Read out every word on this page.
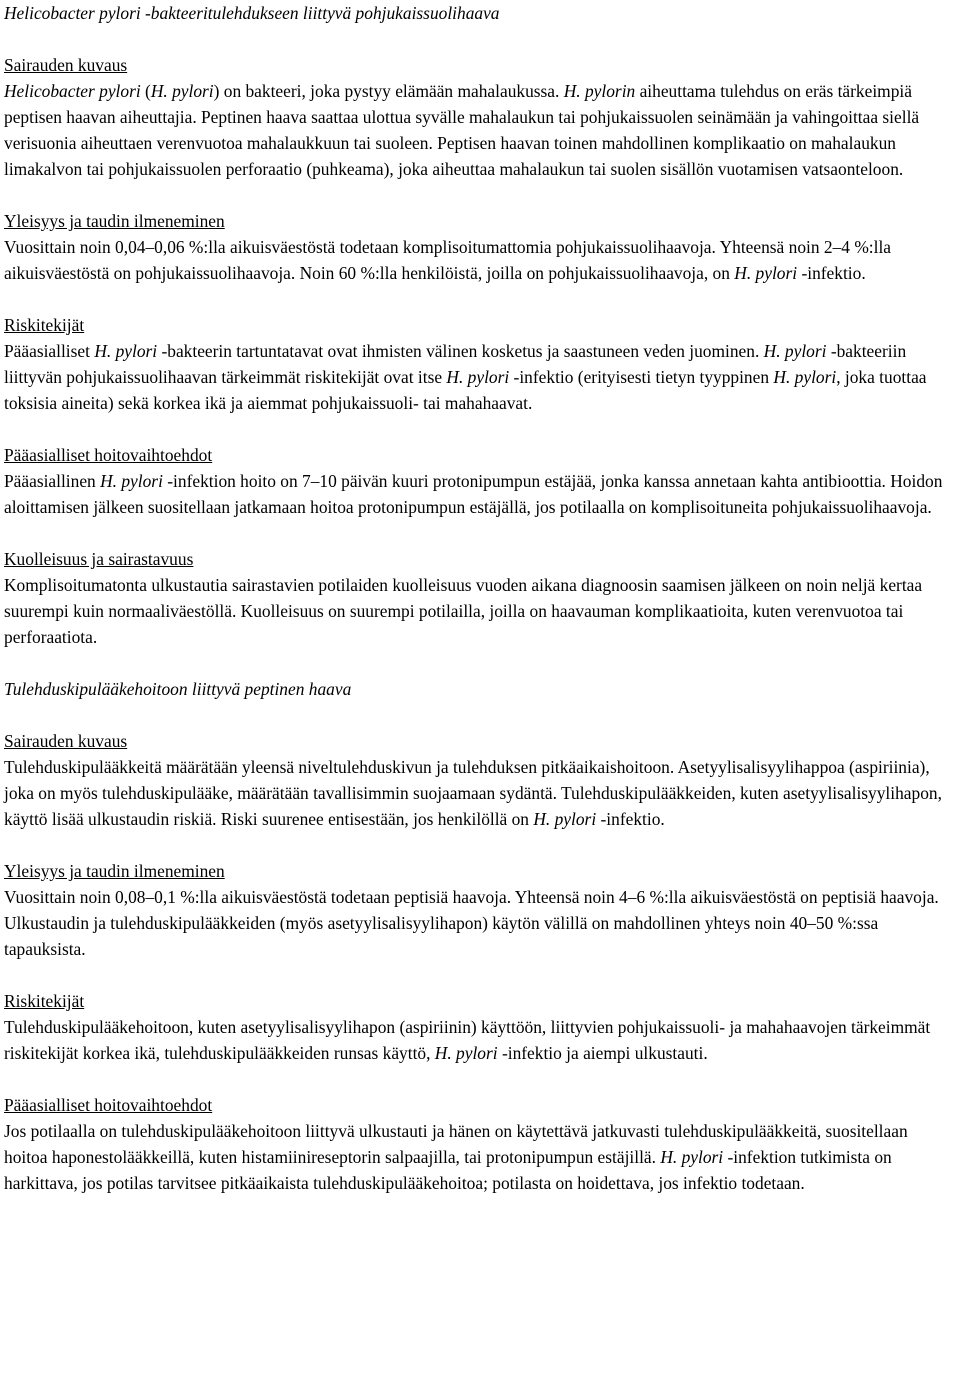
Helicobacter pylori -bakteeritulehdukseen liittyvä pohjukaissuolihaava
Sairauden kuvaus

Helicobacter pylori (H. pylori) on bakteeri, joka pystyy elämään mahalaukussa. H. pylorin aiheuttama tulehdus on eräs tärkeimpiä peptisen haavan aiheuttajia. Peptinen haava saattaa ulottua syvälle mahalaukun tai pohjukaissuolen seinämään ja vahingoittaa siellä verisuonia aiheuttaen verenvuotoa mahalaukkuun tai suoleen. Peptisen haavan toinen mahdollinen komplikaatio on mahalaukun limakalvon tai pohjukaissuolen perforaatio (puhkeama), joka aiheuttaa mahalaukun tai suolen sisällön vuotamisen vatsaonteloon.

Yleisyys ja taudin ilmeneminen

Vuosittain noin 0,04–0,06 %:lla aikuisväestöstä todetaan komplisoitumattomia pohjukaissuolihaavoja. Yhteensä noin 2–4 %:lla aikuisväestöstä on pohjukaissuolihaavoja. Noin 60 %:lla henkilöistä, joilla on pohjukaissuolihaavoja, on H. pylori -infektio.

Riskitekijät

Pääasialliset H. pylori -bakteerin tartuntatavat ovat ihmisten välinen kosketus ja saastuneen veden juominen. H. pylori -bakteeriin liittyvän pohjukaissuolihaavan tärkeimmät riskitekijät ovat itse H. pylori -infektio (erityisesti tietyn tyyppinen H. pylori, joka tuottaa toksisia aineita) sekä korkea ikä ja aiemmat pohjukaissuoli- tai mahahaavat.

Pääasialliset hoitovaihtoehdot

Pääasiallinen H. pylori -infektion hoito on 7–10 päivän kuuri protonipumpun estäjää, jonka kanssa annetaan kahta antibioottia. Hoidon aloittamisen jälkeen suositellaan jatkamaan hoitoa protonipumpun estäjällä, jos potilaalla on komplisoituneita pohjukaissuolihaavoja.

Kuolleisuus ja sairastavuus

Komplisoitumatonta ulkustautia sairastavien potilaiden kuolleisuus vuoden aikana diagnoosin saamisen jälkeen on noin neljä kertaa suurempi kuin normaaliväestöllä. Kuolleisuus on suurempi potilailla, joilla on haavauman komplikaatioita, kuten verenvuotoa tai perforaatiota.

Tulehduskipulääkehoitoon liittyvä peptinen haava
Sairauden kuvaus

Tulehduskipulääkkeitä määrätään yleensä niveltulehduskivun ja tulehduksen pitkäaikaishoitoon. Asetyylisalisyylihappoa (aspiriinia), joka on myös tulehduskipulääke, määrätään tavallisimmin suojaamaan sydäntä. Tulehduskipulääkkeiden, kuten asetyylisalisyylihapon, käyttö lisää ulkustaudin riskiä. Riski suurenee entisestään, jos henkilöllä on H. pylori -infektio.

Yleisyys ja taudin ilmeneminen

Vuosittain noin 0,08–0,1 %:lla aikuisväestöstä todetaan peptisiä haavoja. Yhteensä noin 4–6 %:lla aikuisväestöstä on peptisiä haavoja. Ulkustaudin ja tulehduskipulääkkeiden (myös asetyylisalisyylihapon) käytön välillä on mahdollinen yhteys noin 40–50 %:ssa tapauksista.

Riskitekijät

Tulehduskipulääkehoitoon, kuten asetyylisalisyylihapon (aspiriinin) käyttöön, liittyvien pohjukaissuoli- ja mahahaavojen tärkeimmät riskitekijät korkea ikä, tulehduskipulääkkeiden runsas käyttö, H. pylori -infektio ja aiempi ulkustauti.

Pääasialliset hoitovaihtoehdot

Jos potilaalla on tulehduskipulääkehoitoon liittyvä ulkustauti ja hänen on käytettävä jatkuvasti tulehduskipulääkkeitä, suositellaan hoitoa haponestolääkkeillä, kuten histamiinireseptorin salpaajilla, tai protonipumpun estäjillä. H. pylori -infektion tutkimista on harkittava, jos potilas tarvitsee pitkäaikaista tulehduskipulääkehoitoa; potilasta on hoidettava, jos infektio todetaan.
